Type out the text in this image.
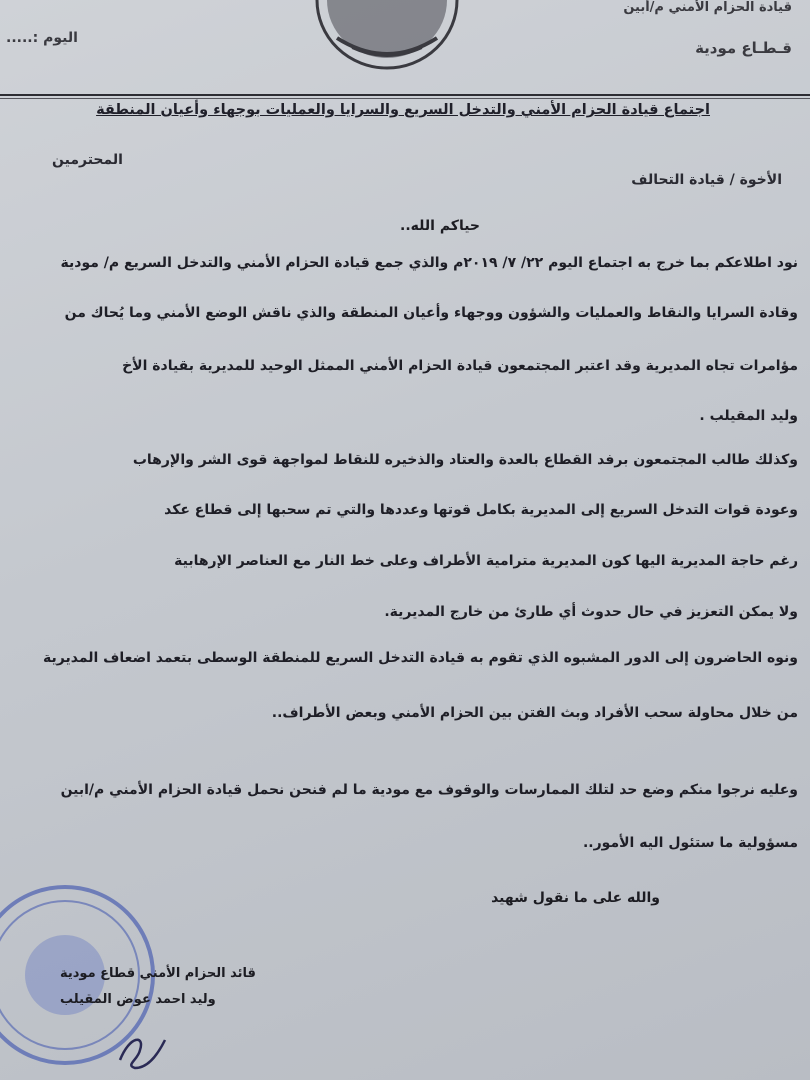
قيادة الحزام الأمني م/أبين
قـطـاع مودية
اليوم :.....
اجتماع قيادة الحزام الأمني والتدخل السريع والسرايا والعمليات بوجهاء وأعيان المنطقة
المحترمين
الأخوة / قيادة التحالف
حياكم الله..
نود اطلاعكم بما خرج به اجتماع اليوم ٢٢/ ٧/ ٢٠١٩م والذي جمع قيادة الحزام الأمني والتدخل السريع م/ مودية
وقادة السرايا والنقاط والعمليات والشؤون ووجهاء وأعيان المنطقة والذي ناقش الوضع الأمني وما يُحاك من
مؤامرات تجاه المديرية وقد اعتبر المجتمعون قيادة الحزام الأمني الممثل الوحيد للمديرية بقيادة الأخ
وليد المقيلب .
وكذلك طالب المجتمعون برفد القطاع بالعدة والعتاد والذخيره للنقاط لمواجهة قوى الشر والإرهاب
وعودة قوات التدخل السريع إلى المديرية بكامل قوتها وعددها والتي تم سحبها إلى قطاع عكد
رغم حاجة المديرية اليها كون المديرية مترامية الأطراف وعلى خط النار مع العناصر الإرهابية
ولا يمكن التعزيز في حال حدوث أي طارئ من خارج المديرية.
ونوه الحاضرون إلى الدور المشبوه الذي تقوم به قيادة التدخل السريع للمنطقة الوسطى بتعمد اضعاف المديرية
من خلال محاولة سحب الأفراد وبث الفتن بين الحزام الأمني وبعض الأطراف..
وعليه نرجوا منكم وضع حد لتلك الممارسات والوقوف مع مودية ما لم فنحن نحمل قيادة الحزام الأمني م/ابين
مسؤولية ما ستئول اليه الأمور..
والله على ما نقول شهيد
قائد الحزام الأمني قطاع مودية
وليد احمد عوض المقيلب
